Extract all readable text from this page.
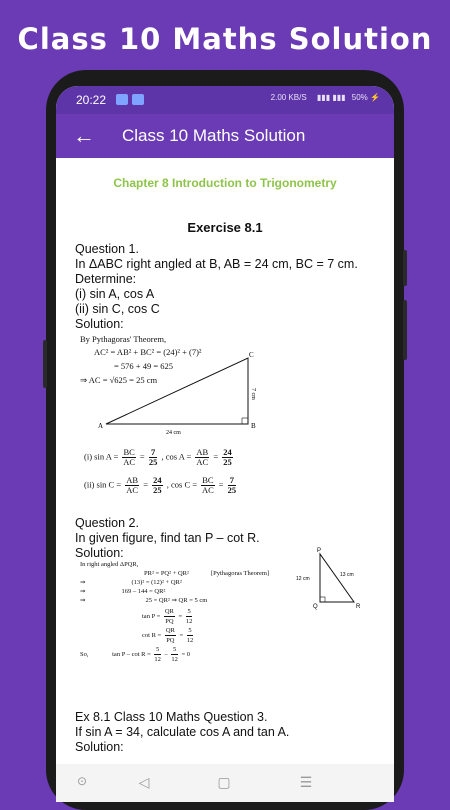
Class 10 Maths Solution
20:22	2.00 KB/S ▮▮▮ ▮▮▮ 50% ⚡
← Class 10 Maths Solution
Chapter 8 Introduction to Trigonometry
Exercise 8.1
Question 1.
In ΔABC right angled at B, AB = 24 cm, BC = 7 cm. Determine:
(i) sin A, cos A
(ii) sin C, cos C
Solution:
By Pythagoras' Theorem,
AC² = AB² + BC² = (24)² + (7)²
= 576 + 49 = 625
⇒ AC = √625 = 25 cm
A	B
C
24 cm
7 cm
(i) $\sin A = \frac{BC}{AC} = \frac{7}{25}$ , $\cos A = \frac{AB}{AC} = \frac{24}{25}$
(ii) $\sin C = \frac{AB}{AC} = \frac{24}{25}$ , $\cos C = \frac{BC}{AC} = \frac{7}{25}$
Question 2.
In given figure, find tan P – cot R.
Solution:
In right angled ΔPQR,
PR² = PQ² + QR²	[Pythagoras Theorem]
⇒	(13)² = (12)² + QR²
⇒	169 – 144 = QR²
⇒	25 = QR² ⇒ QR = 5 cm
$\tan P = \frac{QR}{PQ} = \frac{5}{12}$
$\cot R = \frac{QR}{PQ} = \frac{5}{12}$
So,	$\tan P - \cot R = \frac{5}{12} - \frac{5}{12} = 0$
P
Q	R
12 cm
13 cm
Ex 8.1 Class 10 Maths Question 3.
If sin A = 34, calculate cos A and tan A.
Solution:
⊙	◁	▢	☰
